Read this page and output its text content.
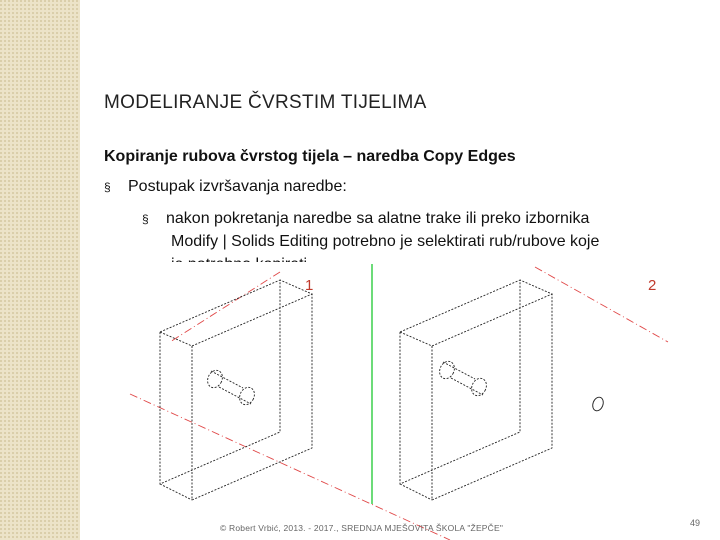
MODELIRANJE ČVRSTIM TIJELIMA
Kopiranje rubova čvrstog tijela – naredba Copy Edges
§	Postupak izvršavanja naredbe:
§	nakon pokretanja naredbe sa alatne trake ili preko izbornika
Modify | Solids Editing potrebno je selektirati rub/rubove koje
1	2
© Robert Vrbić, 2013. - 2017., SREDNJA MJEŠOVITA ŠKOLA "ŽEPČE"	49
